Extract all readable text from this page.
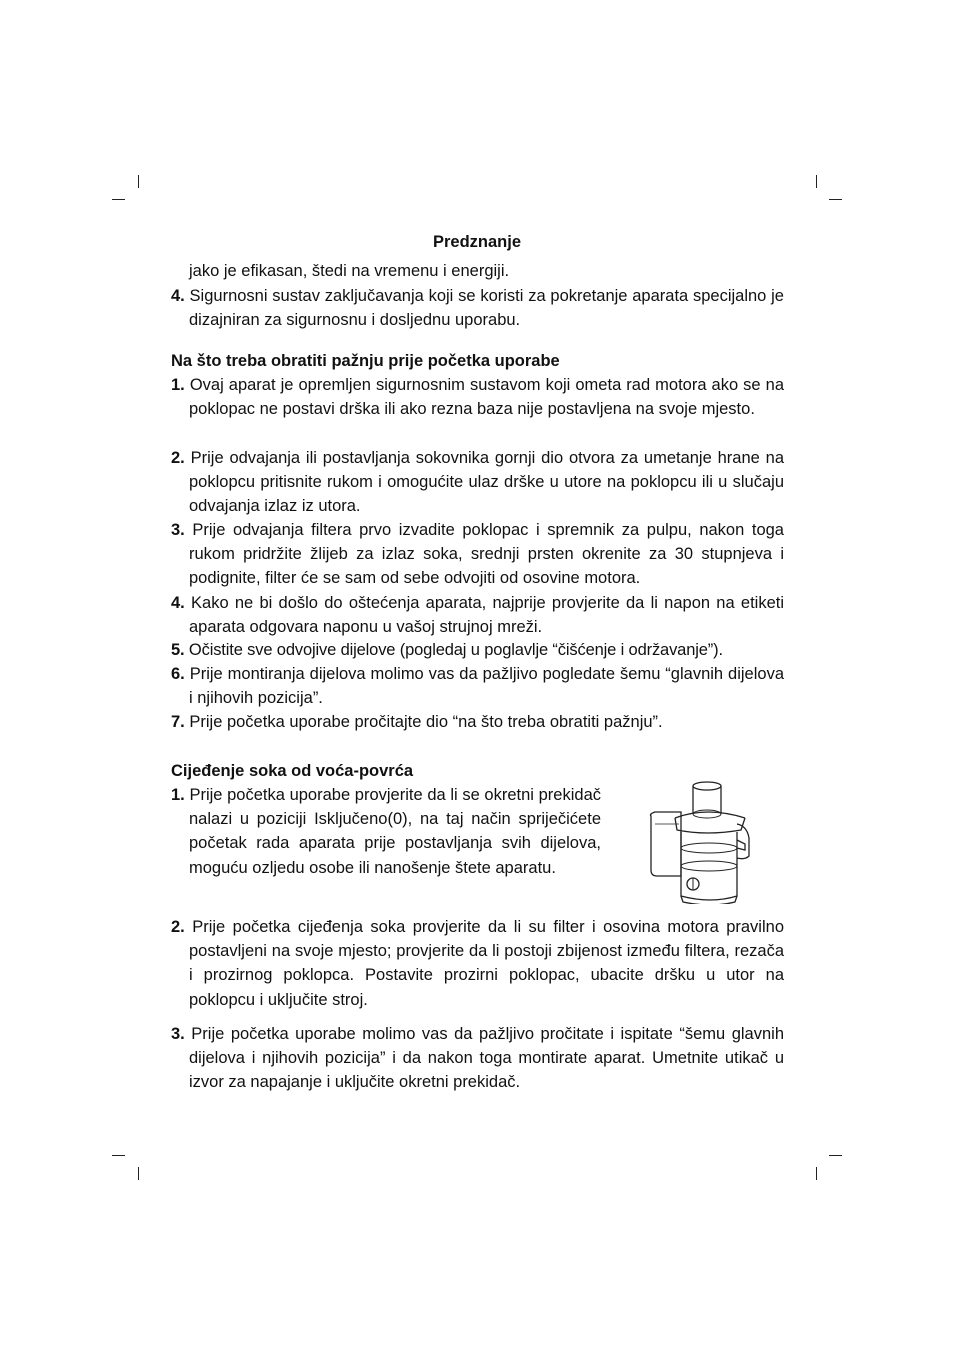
Predznanje
jako je efikasan, štedi na vremenu i energiji.
4. Sigurnosni sustav zaključavanja koji se koristi za pokretanje aparata specijalno je dizajniran za sigurnosnu i dosljednu uporabu.
Na što treba obratiti pažnju prije početka uporabe
1. Ovaj aparat je opremljen sigurnosnim sustavom koji ometa rad motora ako se na poklopac ne postavi drška ili ako rezna baza nije postavljena na svoje mjesto.
2. Prije odvajanja ili postavljanja sokovnika gornji dio otvora za umetanje hrane na poklopcu pritisnite rukom i omogućite ulaz drške u utore na poklopcu ili u slučaju odvajanja izlaz iz utora.
3. Prije odvajanja filtera prvo izvadite poklopac i spremnik za pulpu, nakon toga rukom pridržite žlijeb za izlaz soka, srednji prsten okrenite za 30 stupnjeva i podignite, filter će se sam od sebe odvojiti od osovine motora.
4. Kako ne bi došlo do oštećenja aparata, najprije provjerite da li napon na etiketi aparata odgovara naponu u vašoj strujnoj mreži.
5. Očistite sve odvojive dijelove (pogledaj u poglavlje “čišćenje i održavanje”).
6. Prije montiranja dijelova molimo vas da pažljivo pogledate šemu “glavnih dijelova i njihovih pozicija”.
7. Prije početka uporabe pročitajte dio “na što treba obratiti pažnju”.
Cijeđenje soka od voća-povrća
1. Prije početka uporabe provjerite da li se okretni prekidač nalazi u poziciji Isključeno(0), na taj način spriječićete početak rada aparata prije postavljanja svih dijelova, moguću ozljedu osobe ili nanošenje štete aparatu.
2. Prije početka cijeđenja soka provjerite da li su filter i osovina motora pravilno postavljeni na svoje mjesto; provjerite da li postoji zbijenost između filtera, rezača i prozirnog poklopca. Postavite prozirni poklopac, ubacite dršku u utor na poklopcu i uključite stroj.
3. Prije početka uporabe molimo vas da pažljivo pročitate i ispitate “šemu glavnih dijelova i njihovih pozicija” i da nakon toga montirate aparat. Umetnite utikač u izvor za napajanje i uključite okretni prekidač.
